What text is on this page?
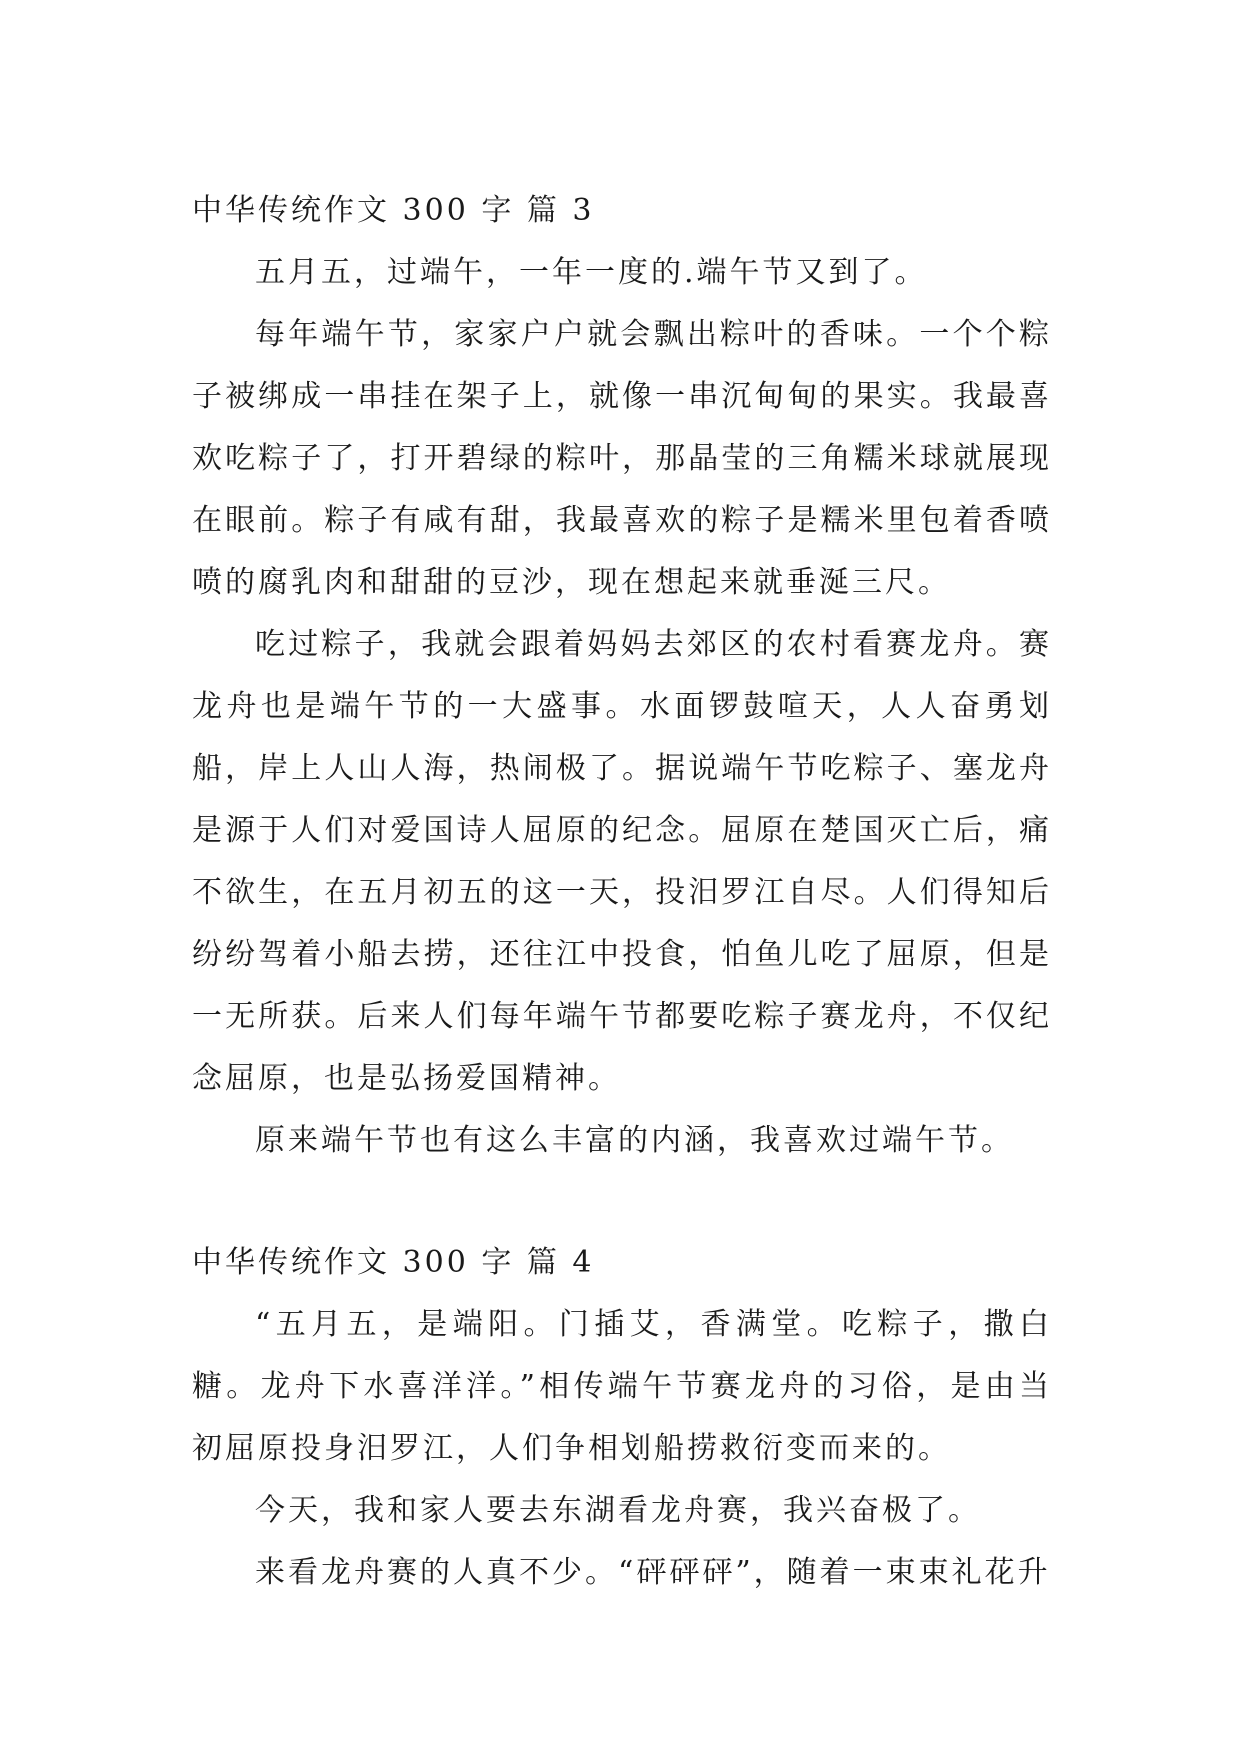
中华传统作文 300 字 篇 3

五月五，过端午，一年一度的.端午节又到了。

每年端午节，家家户户就会飘出粽叶的香味。一个个粽子被绑成一串挂在架子上，就像一串沉甸甸的果实。我最喜欢吃粽子了，打开碧绿的粽叶，那晶莹的三角糯米球就展现在眼前。粽子有咸有甜，我最喜欢的粽子是糯米里包着香喷喷的腐乳肉和甜甜的豆沙，现在想起来就垂涎三尺。

吃过粽子，我就会跟着妈妈去郊区的农村看赛龙舟。赛龙舟也是端午节的一大盛事。水面锣鼓喧天，人人奋勇划船，岸上人山人海，热闹极了。据说端午节吃粽子、塞龙舟是源于人们对爱国诗人屈原的纪念。屈原在楚国灭亡后，痛不欲生，在五月初五的这一天，投汨罗江自尽。人们得知后纷纷驾着小船去捞，还往江中投食，怕鱼儿吃了屈原，但是一无所获。后来人们每年端午节都要吃粽子赛龙舟，不仅纪念屈原，也是弘扬爱国精神。

原来端午节也有这么丰富的内涵，我喜欢过端午节。

中华传统作文 300 字 篇 4

“五月五，是端阳。门插艾，香满堂。吃粽子，撒白糖。龙舟下水喜洋洋。”相传端午节赛龙舟的习俗，是由当初屈原投身汨罗江，人们争相划船捞救衍变而来的。

今天，我和家人要去东湖看龙舟赛，我兴奋极了。

来看龙舟赛的人真不少。“砰砰砰”，随着一束束礼花升
